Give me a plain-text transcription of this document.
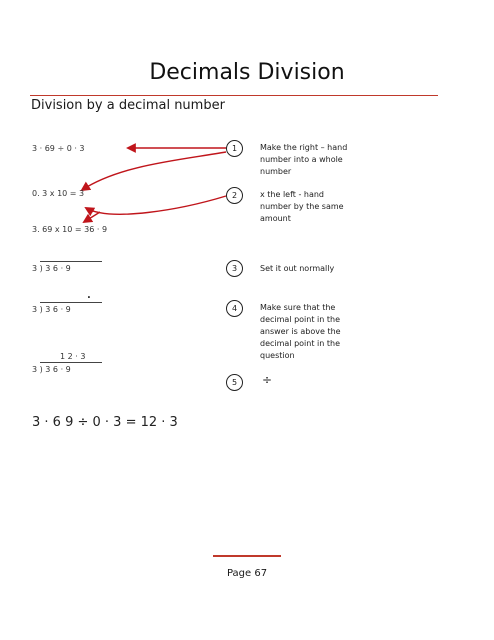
Decimals Division
Division by a decimal number
3 · 69 ÷ 0 · 3
0. 3 x 10 = 3
3. 69 x 10 = 36 · 9
3 ) 3 6 · 9
.
3 ) 3 6 · 9
1 2 · 3
3 ) 3 6 · 9
1
2
3
4
5
Make the right – hand number into a whole number
x the left - hand number by the same amount
Set it out normally
Make sure that the decimal point in the answer is above the decimal point in the question
÷
3 · 6 9 ÷ 0 · 3 = 12 · 3
Page 67
